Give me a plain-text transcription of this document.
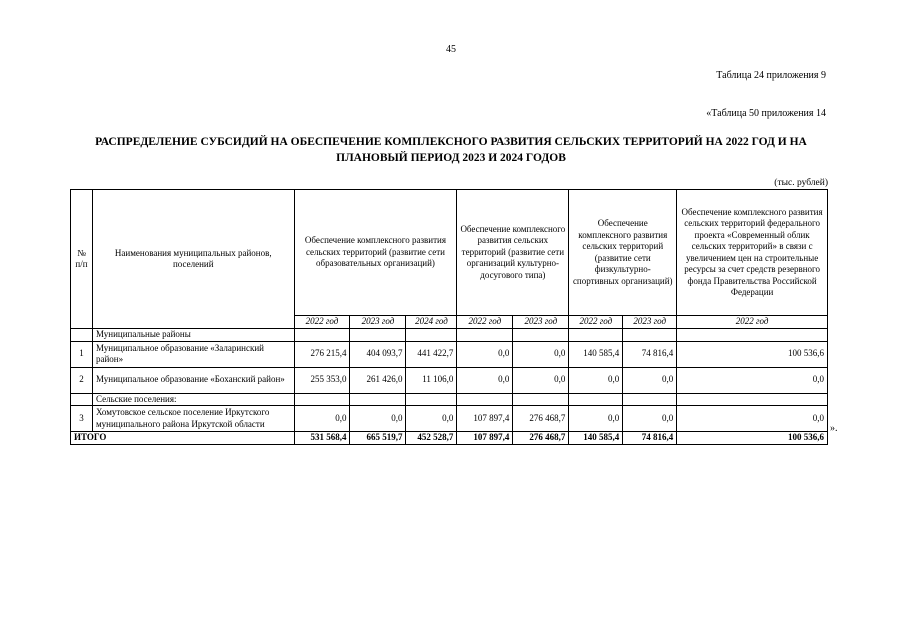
45
Таблица 24 приложения 9
«Таблица 50 приложения 14
РАСПРЕДЕЛЕНИЕ СУБСИДИЙ НА ОБЕСПЕЧЕНИЕ КОМПЛЕКСНОГО РАЗВИТИЯ СЕЛЬСКИХ ТЕРРИТОРИЙ НА 2022 ГОД И НА
ПЛАНОВЫЙ ПЕРИОД 2023 И 2024 ГОДОВ
(тыс. рублей)
№ п/п	Наименования муниципальных районов, поселений	Обеспечение комплексного развития сельских территорий (развитие сети образовательных организаций)			Обеспечение комплексного развития сельских территорий (развитие сети организаций культурно-досугового типа)		Обеспечение комплексного развития сельских территорий (развитие сети физкультурно-спортивных организаций)		Обеспечение комплексного развития сельских территорий федерального проекта «Современный облик сельских территорий» в связи с увеличением цен на строительные ресурсы за счет средств резервного фонда Правительства Российской Федерации
		2022 год	2023 год	2024 год	2022 год	2023 год	2022 год	2023 год	2022 год
	Муниципальные районы								
1	Муниципальное образование «Заларинский район»	276 215,4	404 093,7	441 422,7	0,0	0,0	140 585,4	74 816,4	100 536,6
2	Муниципальное образование «Боханский район»	255 353,0	261 426,0	11 106,0	0,0	0,0	0,0	0,0	0,0
	Сельские поселения:								
3	Хомутовское сельское поселение Иркутского муниципального района Иркутской области	0,0	0,0	0,0	107 897,4	276 468,7	0,0	0,0	0,0
ИТОГО		531 568,4	665 519,7	452 528,7	107 897,4	276 468,7	140 585,4	74 816,4	100 536,6
».
